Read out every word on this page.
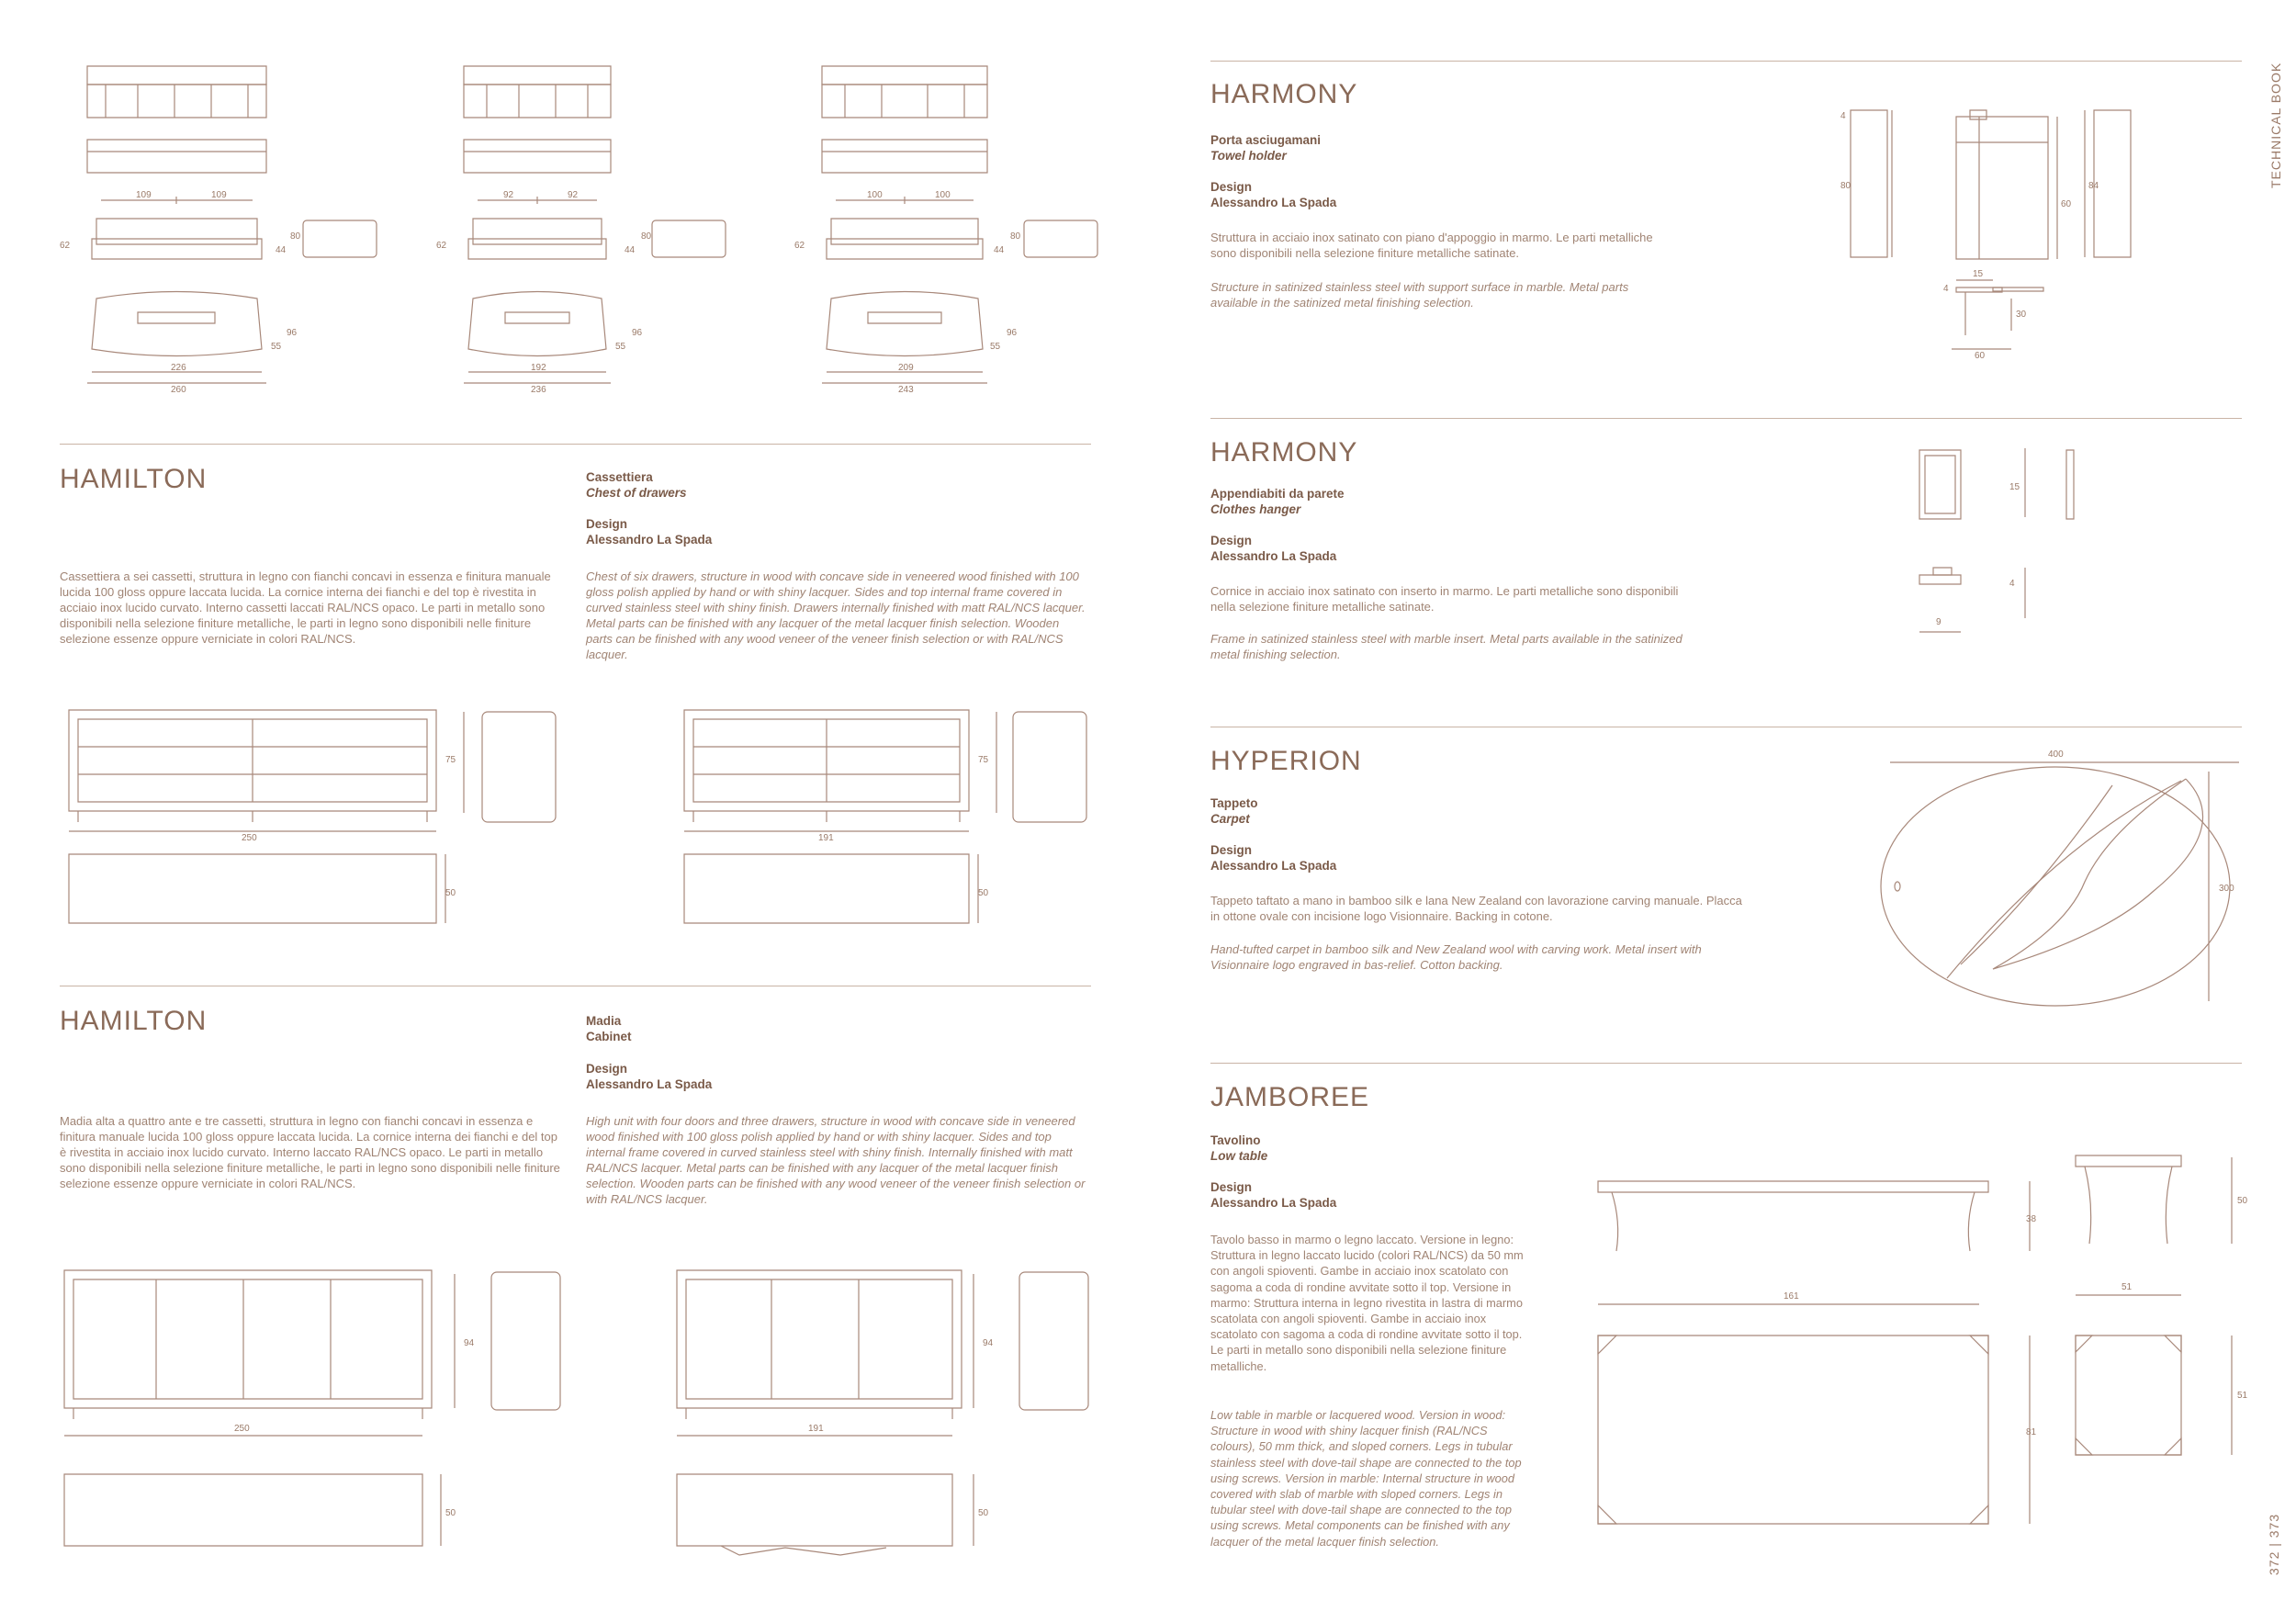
TECHNICAL BOOK
372 | 373
109	109
62
80
44
55
96
226
260
92	92
62
80
44
55
96
192
236
100	100
62
80
44
55
96
209
243
HAMILTON	Cassettiera
Chest of drawers
Design
Alessandro La Spada
Cassettiera a sei cassetti, struttura in legno con fianchi concavi in essenza e finitura manuale lucida 100 gloss oppure laccata lucida. La cornice interna dei fianchi e del top è rivestita in acciaio inox lucido curvato. Interno cassetti laccati RAL/NCS opaco. Le parti in metallo sono disponibili nella selezione finiture metalliche, le parti in legno sono disponibili nelle finiture selezione essenze oppure verniciate in colori RAL/NCS.
Chest of six drawers, structure in wood with concave side in veneered wood finished with 100 gloss polish applied by hand or with shiny lacquer. Sides and top internal frame covered in curved stainless steel with shiny finish. Drawers internally finished with matt RAL/NCS lacquer. Metal parts can be finished with any lacquer of the metal lacquer finish selection. Wooden parts can be finished with any wood veneer of the veneer finish selection or with RAL/NCS lacquer.
75
250
50
75
191
50
HAMILTON	Madia
Cabinet
Design
Alessandro La Spada
Madia alta a quattro ante e tre cassetti, struttura in legno con fianchi concavi in essenza e finitura manuale lucida 100 gloss oppure laccata lucida. La cornice interna dei fianchi e del top è rivestita in acciaio inox lucido curvato. Interno laccato RAL/NCS opaco. Le parti in metallo sono disponibili nella selezione finiture metalliche, le parti in legno sono disponibili nelle finiture selezione essenze oppure verniciate in colori RAL/NCS.
High unit with four doors and three drawers, structure in wood with concave side in veneered wood finished with 100 gloss polish applied by hand or with shiny lacquer. Sides and top internal frame covered in curved stainless steel with shiny finish. Internally finished with matt RAL/NCS lacquer. Metal parts can be finished with any lacquer of the metal lacquer finish selection. Wooden parts can be finished with any wood veneer of the veneer finish selection or with RAL/NCS lacquer.
94
250
50
94
191
50
HARMONY
Porta asciugamani
Towel holder
Design
Alessandro La Spada
Struttura in acciaio inox satinato con piano d'appoggio in marmo. Le parti metalliche sono disponibili nella selezione finiture metalliche satinate.
Structure in satinized stainless steel with support surface in marble. Metal parts available in the satinized metal finishing selection.
4
80
60
84
15
4
30
60
HARMONY
Appendiabiti da parete
Clothes hanger
Design
Alessandro La Spada
Cornice in acciaio inox satinato con inserto in marmo. Le parti metalliche sono disponibili nella selezione finiture metalliche satinate.
Frame in satinized stainless steel with marble insert. Metal parts available in the satinized metal finishing selection.
15
4
9
HYPERION
Tappeto
Carpet
Design
Alessandro La Spada
Tappeto taftato a mano in bamboo silk e lana New Zealand con lavorazione carving manuale. Placca in ottone ovale con incisione logo Visionnaire. Backing in cotone.
Hand-tufted carpet in bamboo silk and New Zealand wool with carving work. Metal insert with Visionnaire logo engraved in bas-relief. Cotton backing.
400
300
JAMBOREE
Tavolino
Low table
Design
Alessandro La Spada
Tavolo basso in marmo o legno laccato. Versione in legno: Struttura in legno laccato lucido (colori RAL/NCS) da 50 mm con angoli spioventi. Gambe in acciaio inox scatolato con sagoma a coda di rondine avvitate sotto il top. Versione in marmo: Struttura interna in legno rivestita in lastra di marmo scatolata con angoli spioventi. Gambe in acciaio inox scatolato con sagoma a coda di rondine avvitate sotto il top. Le parti in metallo sono disponibili nella selezione finiture metalliche.
Low table in marble or lacquered wood. Version in wood: Structure in wood with shiny lacquer finish (RAL/NCS colours), 50 mm thick, and sloped corners. Legs in tubular stainless steel with dove-tail shape are connected to the top using screws. Version in marble: Internal structure in wood covered with slab of marble with sloped corners. Legs in tubular steel with dove-tail shape are connected to the top using screws. Metal components can be finished with any lacquer of the metal lacquer finish selection.
38
50
161
51
81
51
